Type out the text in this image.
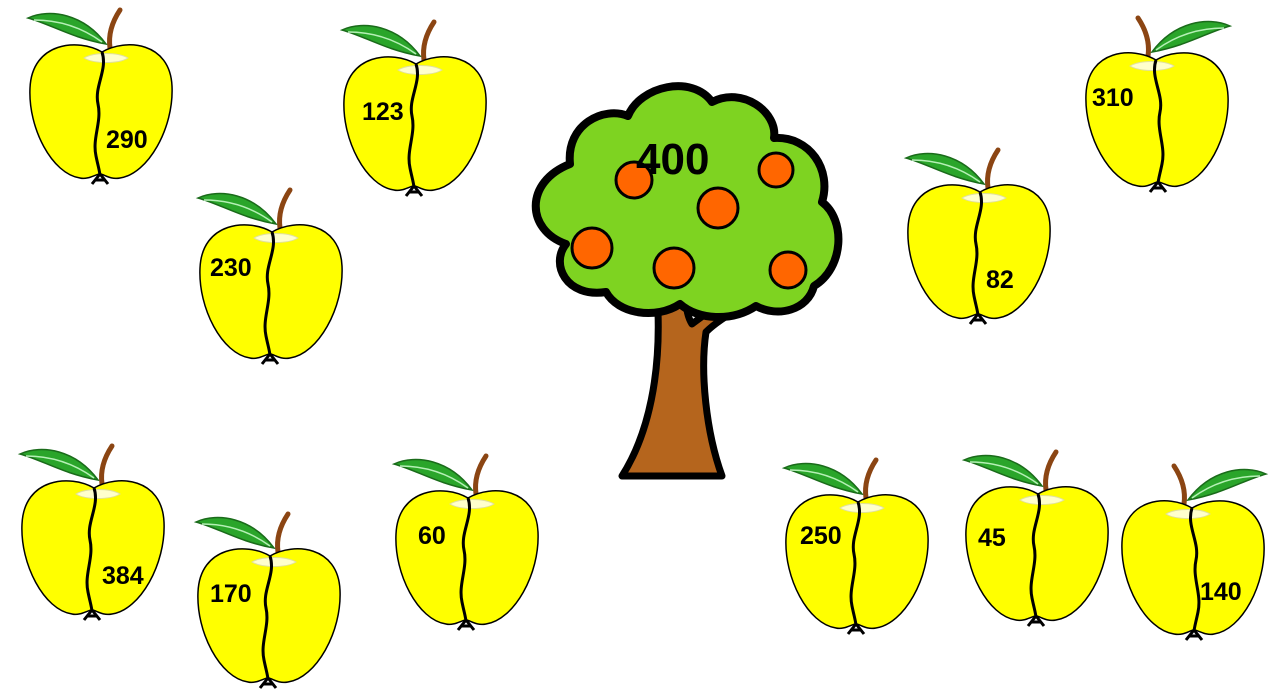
400
290
123
230
310
82
384
170
60	250	45
140
